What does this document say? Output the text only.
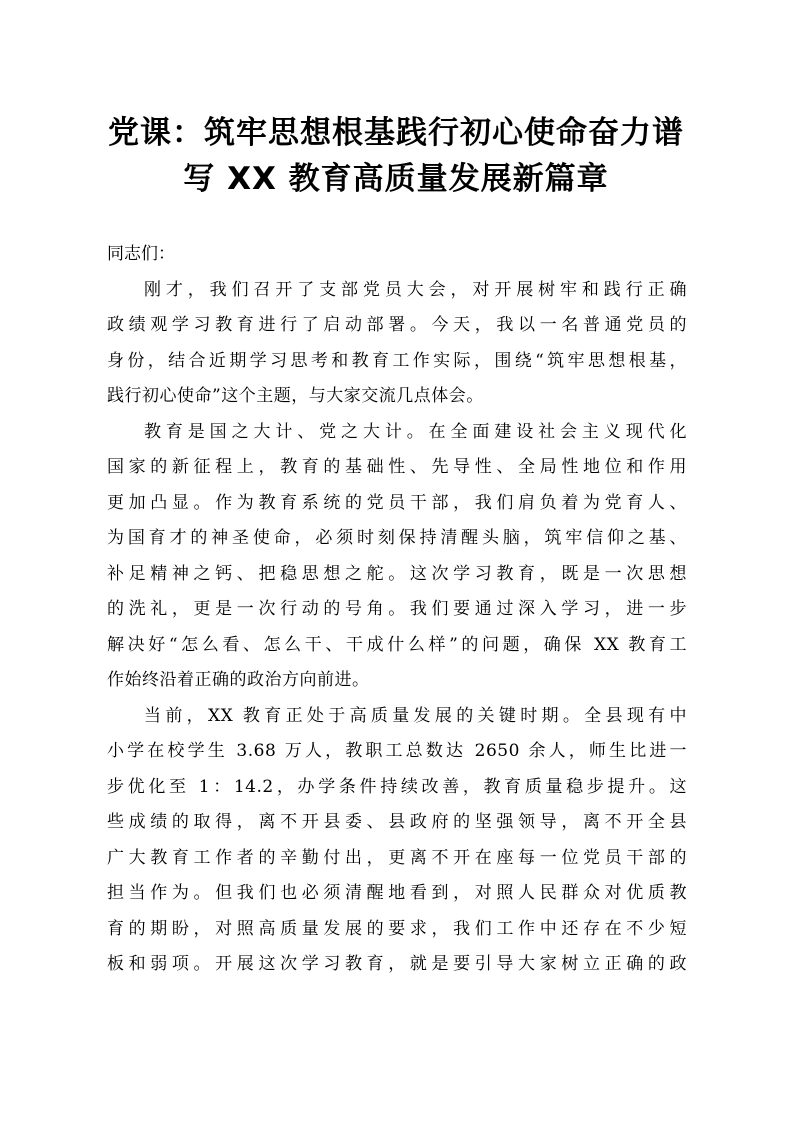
党课：筑牢思想根基践行初心使命奋力谱
写 XX 教育高质量发展新篇章

同志们：

刚才，我们召开了支部党员大会，对开展树牢和践行正确
政绩观学习教育进行了启动部署。今天，我以一名普通党员的
身份，结合近期学习思考和教育工作实际，围绕“筑牢思想根基，
践行初心使命”这个主题，与大家交流几点体会。

教育是国之大计、党之大计。在全面建设社会主义现代化
国家的新征程上，教育的基础性、先导性、全局性地位和作用
更加凸显。作为教育系统的党员干部，我们肩负着为党育人、
为国育才的神圣使命，必须时刻保持清醒头脑，筑牢信仰之基、
补足精神之钙、把稳思想之舵。这次学习教育，既是一次思想
的洗礼，更是一次行动的号角。我们要通过深入学习，进一步
解决好“怎么看、怎么干、干成什么样”的问题，确保 XX 教育工
作始终沿着正确的政治方向前进。

当前，XX 教育正处于高质量发展的关键时期。全县现有中
小学在校学生 3.68 万人，教职工总数达 2650 余人，师生比进一
步优化至 1：14.2，办学条件持续改善，教育质量稳步提升。这
些成绩的取得，离不开县委、县政府的坚强领导，离不开全县
广大教育工作者的辛勤付出，更离不开在座每一位党员干部的
担当作为。但我们也必须清醒地看到，对照人民群众对优质教
育的期盼，对照高质量发展的要求，我们工作中还存在不少短
板和弱项。开展这次学习教育，就是要引导大家树立正确的政
